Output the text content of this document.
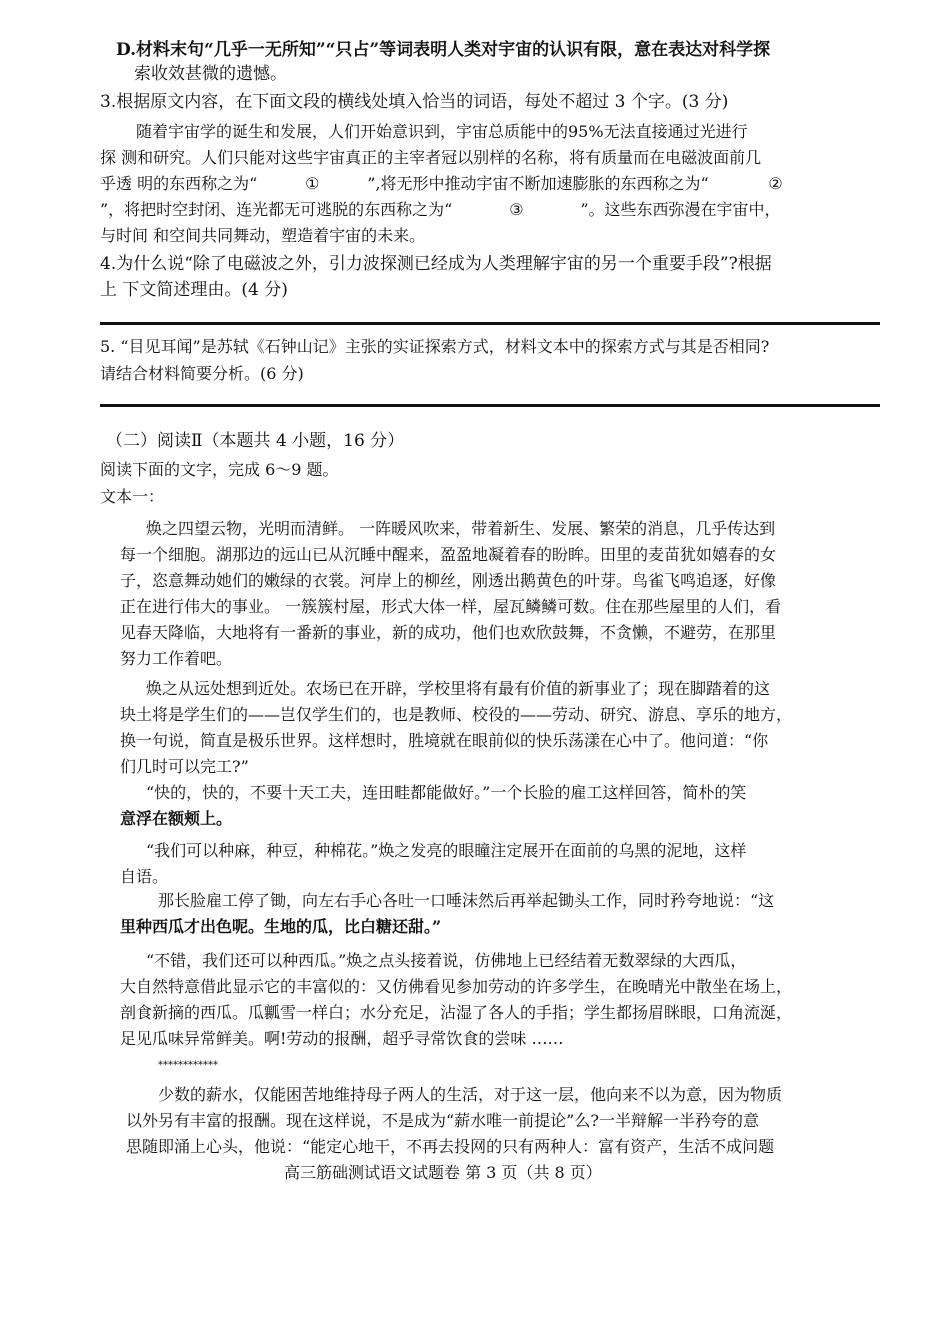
D.材料末句“几乎一无所知”“只占”等词表明人类对宇宙的认识有限，意在表达对科学探
索收效甚微的遗憾。
3.根据原文内容，在下面文段的横线处填入恰当的词语，每处不超过 3 个字。(3 分)
随着宇宙学的诞生和发展，人们开始意识到，宇宙总质能中的95%无法直接通过光进行
探 测和研究。人们只能对这些宇宙真正的主宰者冠以别样的名称，将有质量而在电磁波面前几
乎透 明的东西称之为“	①	”,将无形中推动宇宙不断加速膨胀的东西称之为“	②
”，将把时空封闭、连光都无可逃脱的东西称之为“	③	”。这些东西弥漫在宇宙中，
与时间 和空间共同舞动，塑造着宇宙的未来。
4.为什么说“除了电磁波之外，引力波探测已经成为人类理解宇宙的另一个重要手段”?根据
上 下文简述理由。(4 分)
5. “目见耳闻”是苏轼《石钟山记》主张的实证探索方式，材料文本中的探索方式与其是否相同?
请结合材料简要分析。(6 分)
（二）阅读Ⅱ（本题共 4 小题，16 分）
阅读下面的文字，完成 6～9 题。
文本一：
焕之四望云物，光明而清鲜。 一阵暖风吹来，带着新生、发展、繁荣的消息，几乎传达到
每一个细胞。湖那边的远山已从沉睡中醒来，盈盈地凝着春的盼眸。田里的麦苗犹如嬉春的女
子，恣意舞动她们的嫩绿的衣裳。河岸上的柳丝，刚透出鹅黄色的叶芽。鸟雀飞鸣追逐，好像
正在进行伟大的事业。 一簇簇村屋，形式大体一样，屋瓦鳞鳞可数。住在那些屋里的人们，看
见春天降临，大地将有一番新的事业，新的成功，他们也欢欣鼓舞，不贪懒，不避劳，在那里
努力工作着吧。
焕之从远处想到近处。农场已在开辟，学校里将有最有价值的新事业了；现在脚踏着的这
块土将是学生们的——岂仅学生们的，也是教师、校役的——劳动、研究、游息、享乐的地方，
换一句说，简直是极乐世界。这样想时，胜境就在眼前似的快乐荡漾在心中了。他问道：“你
们几时可以完工?”
“快的，快的，不要十天工夫，连田畦都能做好。”一个长脸的雇工这样回答，简朴的笑
意浮在额颊上。
“我们可以种麻，种豆，种棉花。”焕之发亮的眼瞳注定展开在面前的乌黑的泥地，这样
自语。
那长脸雇工停了锄，向左右手心各吐一口唾沫然后再举起锄头工作，同时矜夸地说：“这
里种西瓜才出色呢。生地的瓜，比白糖还甜。”
“不错，我们还可以种西瓜。”焕之点头接着说，仿佛地上已经结着无数翠绿的大西瓜，
大自然特意借此显示它的丰富似的：又仿佛看见参加劳动的许多学生，在晚晴光中散坐在场上，
剖食新摘的西瓜。瓜瓤雪一样白；水分充足，沾湿了各人的手指；学生都扬眉眯眼，口角流涎，
足见瓜味异常鲜美。啊!劳动的报酬，超乎寻常饮食的尝味 ……
************
少数的薪水，仅能困苦地维持母子两人的生活，对于这一层，他向来不以为意，因为物质
以外另有丰富的报酬。现在这样说，不是成为“薪水唯一前提论”么?一半辩解一半矜夸的意
思随即涌上心头，他说：“能定心地干，不再去投网的只有两种人：富有资产，生活不成问题
高三筋础测试语文试题卷 第 3 页（共 8 页）
